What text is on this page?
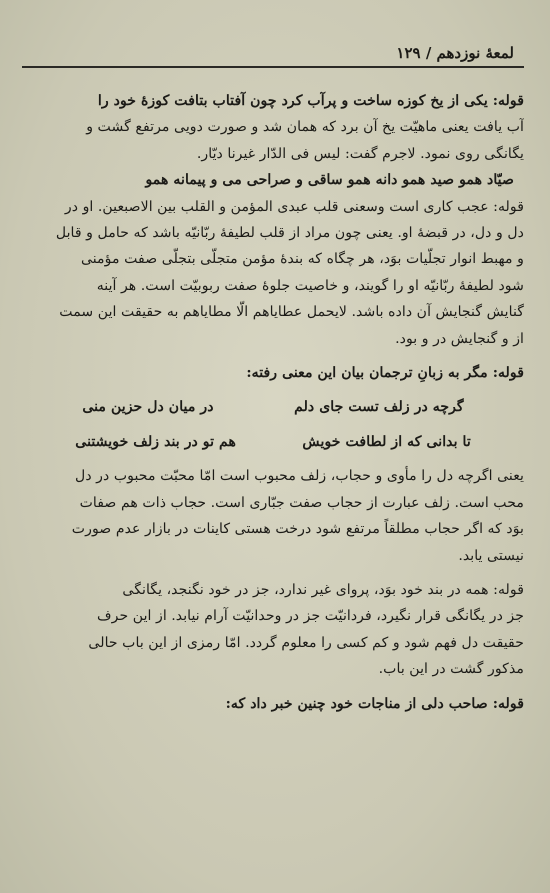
لمعهٔ نوزدهم / ۱۲۹
قوله: یکی از یخ کوزه ساخت و پرآب کرد چون آفتاب بتافت کوزهٔ خود را
آب یافت یعنی ماهیّت یخ آن برد که همان شد و صورت دویی مرتفع گشت و
یگانگی روی نمود. لاجرم گفت: لیس فی الدّار غیرنا دیّار.
صیّاد همو صید همو دانه همو ساقی و صراحی می و پیمانه همو
قوله: عجب کاری است وسعنی قلب عبدی المؤمن و القلب بین الاصبعین. او در
دل و دل، در قبضهٔ او. یعنی چون مراد از قلب لطیفهٔ ربّانیّه باشد که حامل و قابل
و مهبط انوار تجلّیات بوَد، هر چگاه که بندهٔ مؤمن متجلّی بتجلّی صفت مؤمنی
شود لطیفهٔ ربّانیّه او را گویند، و خاصیت جلوهٔ صفت ربوبیّت است. هر آینه
گنایش گنجایش آن داده باشد. لایحمل عطایاهم الّا مطایاهم به حقیقت این سمت
از و گنجایش در و بود.
قوله: مگر به زبانِ ترجمان بیان این معنی رفته:
گرچه در زلف تست جای دلم
در میان دل حزین منی
تا بدانی که از لطافت خویش
هم تو در بند زلف خویشتنی
یعنی اگرچه دل را مأوی و حجاب، زلف محبوب است امّا محبّت محبوب در دل
محب است. زلف عبارت از حجاب صفت جبّاری است. حجاب ذات هم صفات
بوَد که اگر حجاب مطلقاً مرتفع شود درخت هستی کاینات در بازار عدم صورت
نیستی یابد.
قوله: همه در بند خود بوَد، پروای غیر ندارد، جز در خود نگنجد، یگانگی
جز در یگانگی قرار نگیرد، فردانیّت جز در وحدانیّت آرام نیابد. از این حرف
حقیقت دل فهم شود و کم کسی را معلوم گردد. امّا رمزی از این باب حالی
مذکور گشت در این باب.
قوله: صاحب دلی از مناجات خود چنین خبر داد که:
